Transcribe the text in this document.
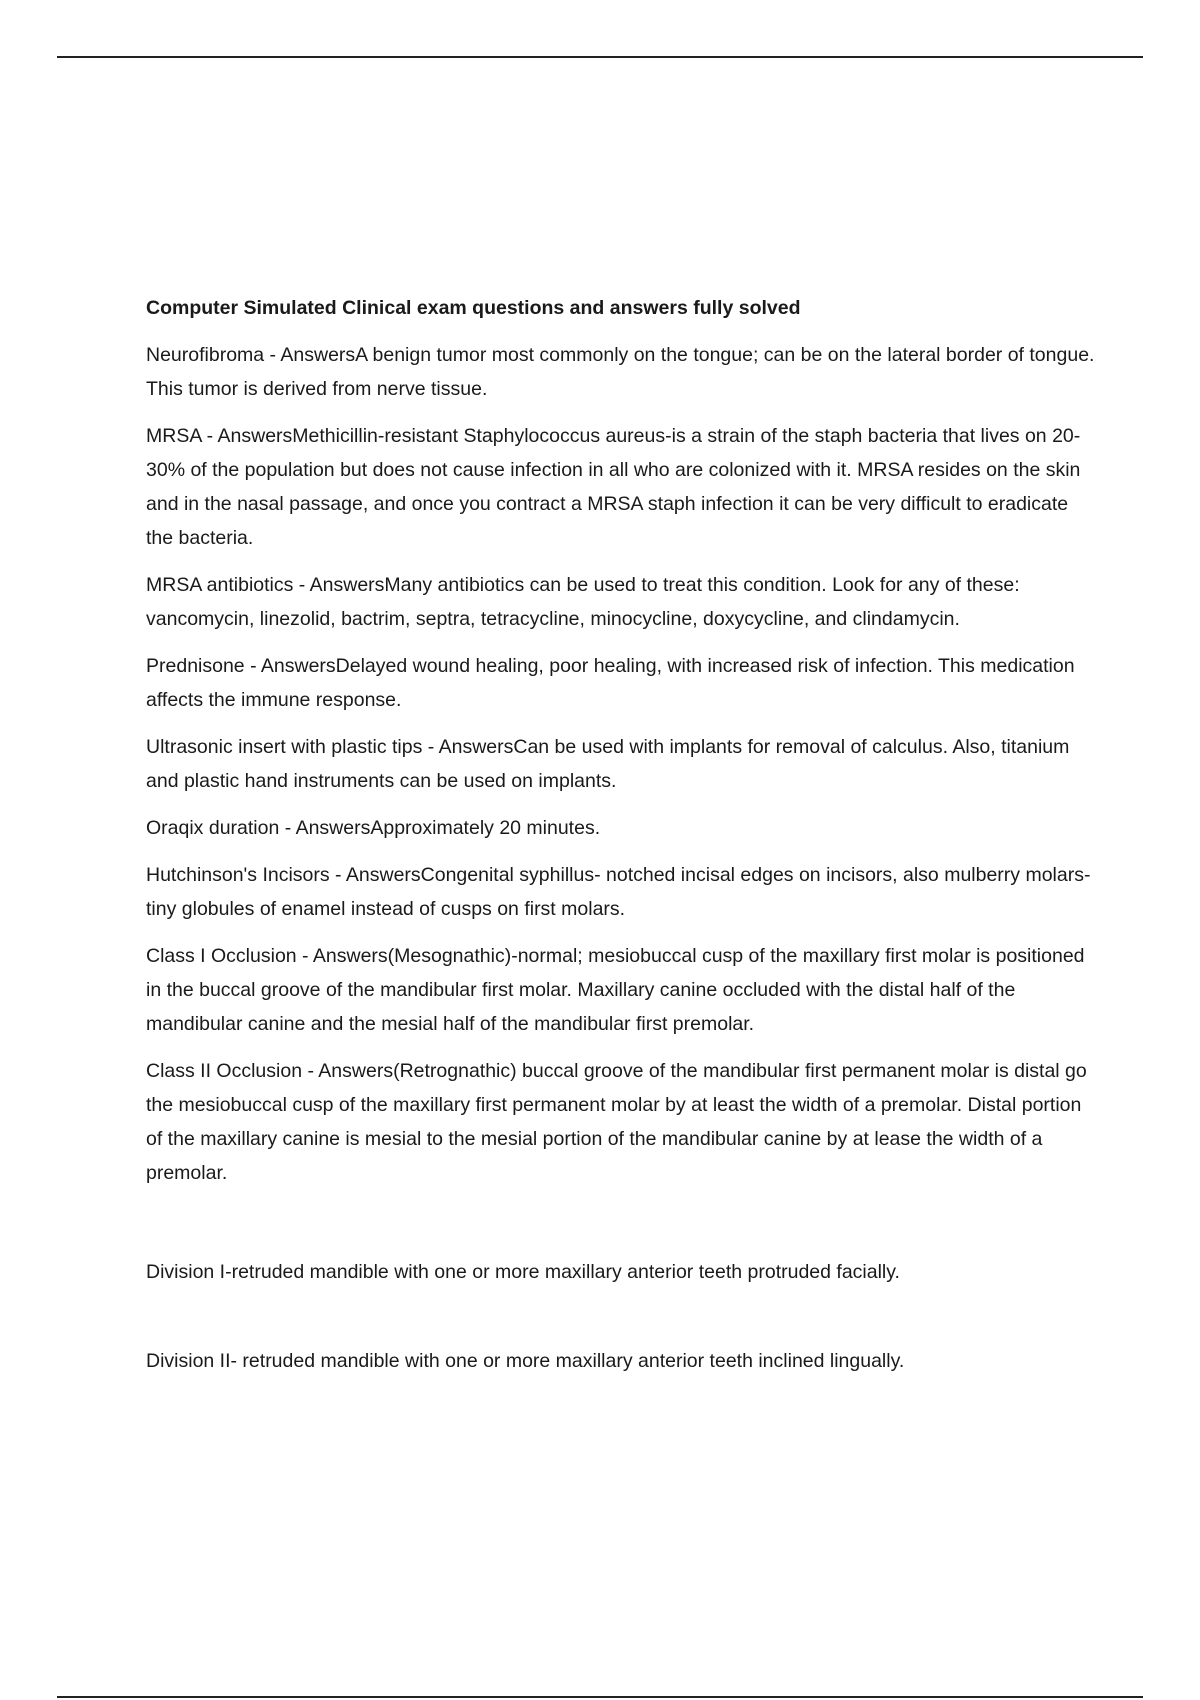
Computer Simulated Clinical exam questions and answers fully solved

Neurofibroma - AnswersA benign tumor most commonly on the tongue; can be on the lateral border of tongue. This tumor is derived from nerve tissue.

MRSA - AnswersMethicillin-resistant Staphylococcus aureus-is a strain of the staph bacteria that lives on 20-30% of the population but does not cause infection in all who are colonized with it. MRSA resides on the skin and in the nasal passage, and once you contract a MRSA staph infection it can be very difficult to eradicate the bacteria.

MRSA antibiotics - AnswersMany antibiotics can be used to treat this condition. Look for any of these: vancomycin, linezolid, bactrim, septra, tetracycline, minocycline, doxycycline, and clindamycin.

Prednisone - AnswersDelayed wound healing, poor healing, with increased risk of infection. This medication affects the immune response.

Ultrasonic insert with plastic tips - AnswersCan be used with implants for removal of calculus. Also, titanium and plastic hand instruments can be used on implants.

Oraqix duration - AnswersApproximately 20 minutes.

Hutchinson's Incisors - AnswersCongenital syphillus- notched incisal edges on incisors, also mulberry molars- tiny globules of enamel instead of cusps on first molars.

Class I Occlusion - Answers(Mesognathic)-normal; mesiobuccal cusp of the maxillary first molar is positioned in the buccal groove of the mandibular first molar. Maxillary canine occluded with the distal half of the mandibular canine and the mesial half of the mandibular first premolar.

Class II Occlusion - Answers(Retrognathic) buccal groove of the mandibular first permanent molar is distal go the mesiobuccal cusp of the maxillary first permanent molar by at least the width of a premolar. Distal portion of the maxillary canine is mesial to the mesial portion of the mandibular canine by at lease the width of a premolar.

Division I-retruded mandible with one or more maxillary anterior teeth protruded facially.

Division II- retruded mandible with one or more maxillary anterior teeth inclined lingually.
